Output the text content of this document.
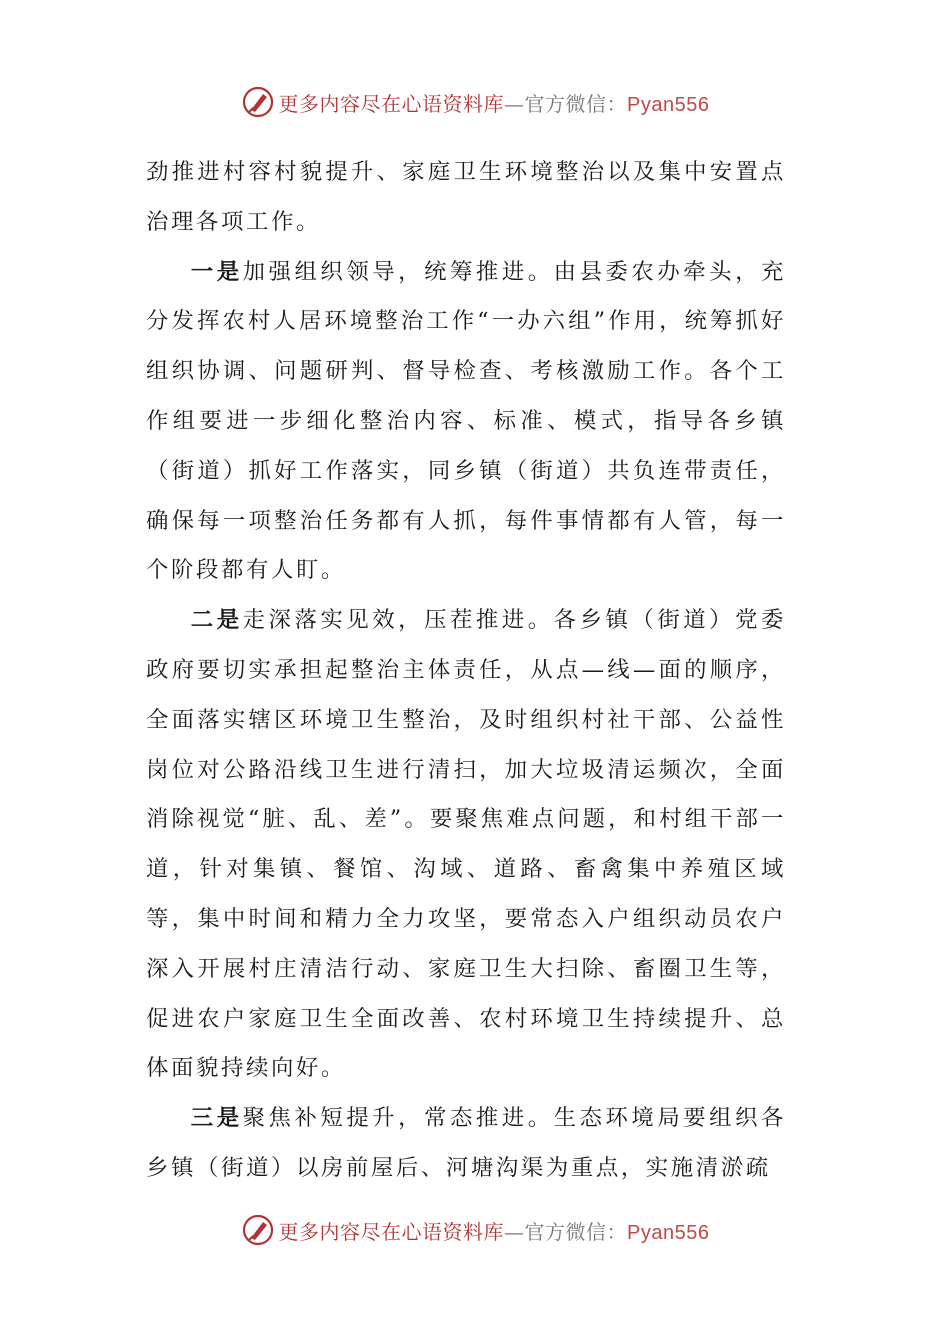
更多内容尽在心语资料库—官方微信：Pyan556

劲推进村容村貌提升、家庭卫生环境整治以及集中安置点治理各项工作。

一是加强组织领导，统筹推进。由县委农办牵头，充分发挥农村人居环境整治工作“一办六组”作用，统筹抓好组织协调、问题研判、督导检查、考核激励工作。各个工作组要进一步细化整治内容、标准、模式，指导各乡镇（街道）抓好工作落实，同乡镇（街道）共负连带责任，确保每一项整治任务都有人抓，每件事情都有人管，每一个阶段都有人盯。

二是走深落实见效，压茬推进。各乡镇（街道）党委政府要切实承担起整治主体责任，从点—线—面的顺序，全面落实辖区环境卫生整治，及时组织村社干部、公益性岗位对公路沿线卫生进行清扫，加大垃圾清运频次，全面消除视觉“脏、乱、差”。要聚焦难点问题，和村组干部一道，针对集镇、餐馆、沟域、道路、畜禽集中养殖区域等，集中时间和精力全力攻坚，要常态入户组织动员农户深入开展村庄清洁行动、家庭卫生大扫除、畜圈卫生等，促进农户家庭卫生全面改善、农村环境卫生持续提升、总体面貌持续向好。

三是聚焦补短提升，常态推进。生态环境局要组织各乡镇（街道）以房前屋后、河塘沟渠为重点，实施清淤疏

更多内容尽在心语资料库—官方微信：Pyan556
